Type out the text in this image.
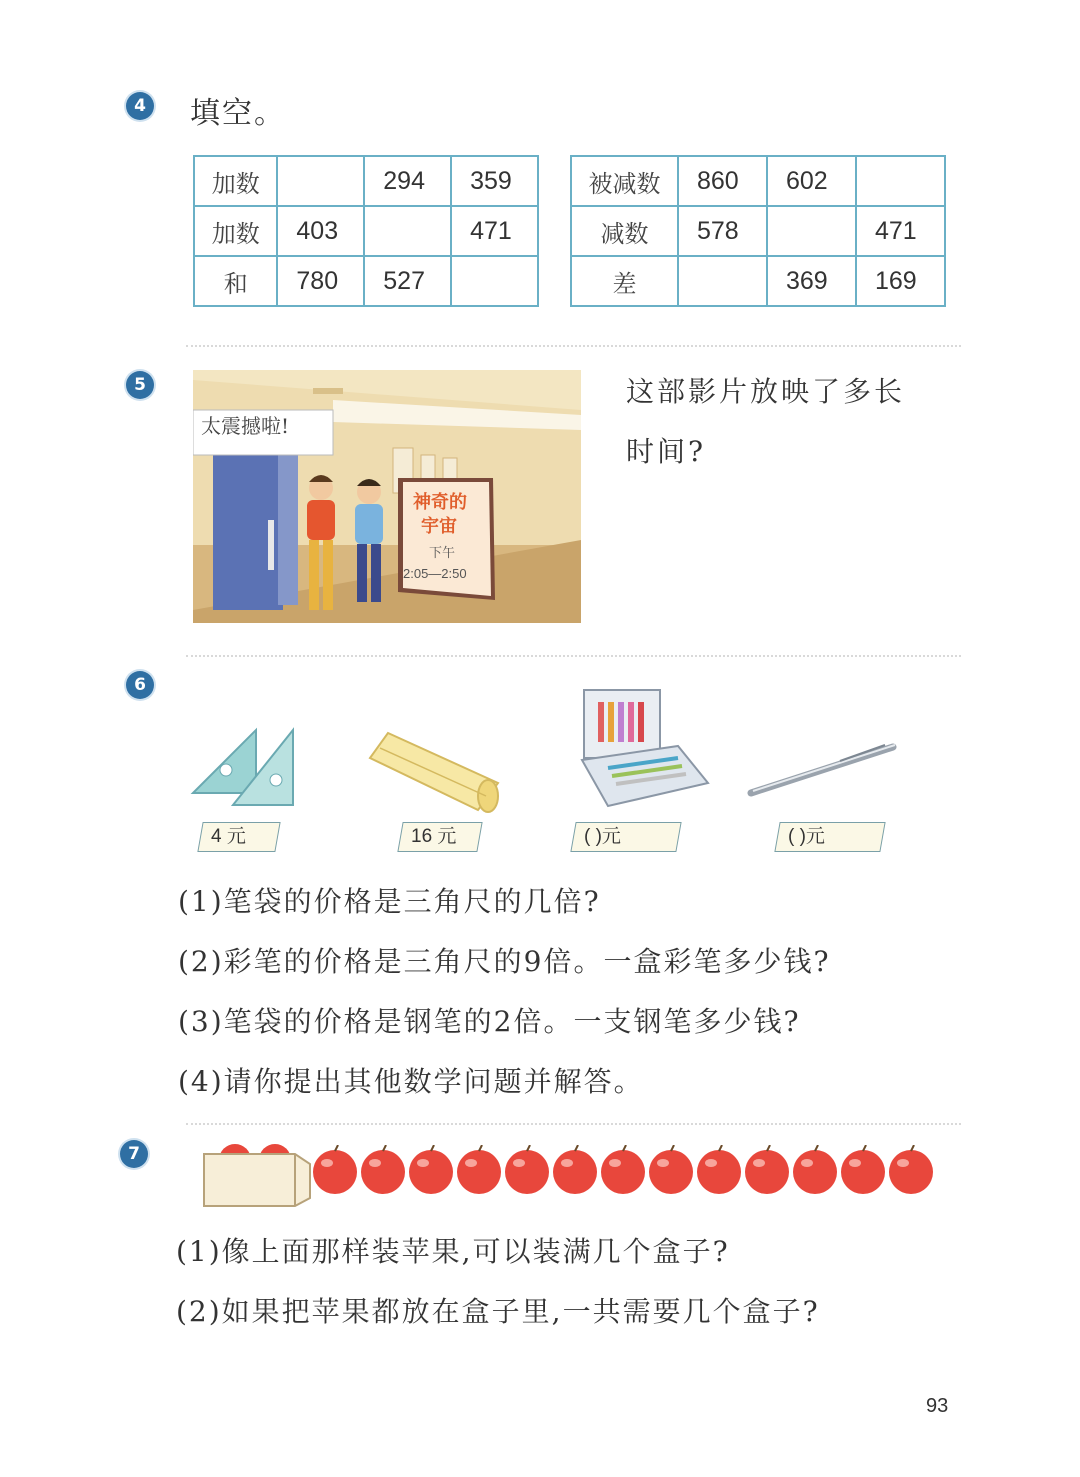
4 填空。
加数		294	359
加数	403		471
和	780	527	
被减数	860	602	
减数	578		471
差		369	169
5
太震撼啦!
神奇的
宇宙
下午
2:05—2:50
这部影片放映了多长
时间?
6
4 元	16 元	( )元	( )元
(1)笔袋的价格是三角尺的几倍?
(2)彩笔的价格是三角尺的9倍。一盒彩笔多少钱?
(3)笔袋的价格是钢笔的2倍。一支钢笔多少钱?
(4)请你提出其他数学问题并解答。
7
(1)像上面那样装苹果,可以装满几个盒子?
(2)如果把苹果都放在盒子里,一共需要几个盒子?
93
